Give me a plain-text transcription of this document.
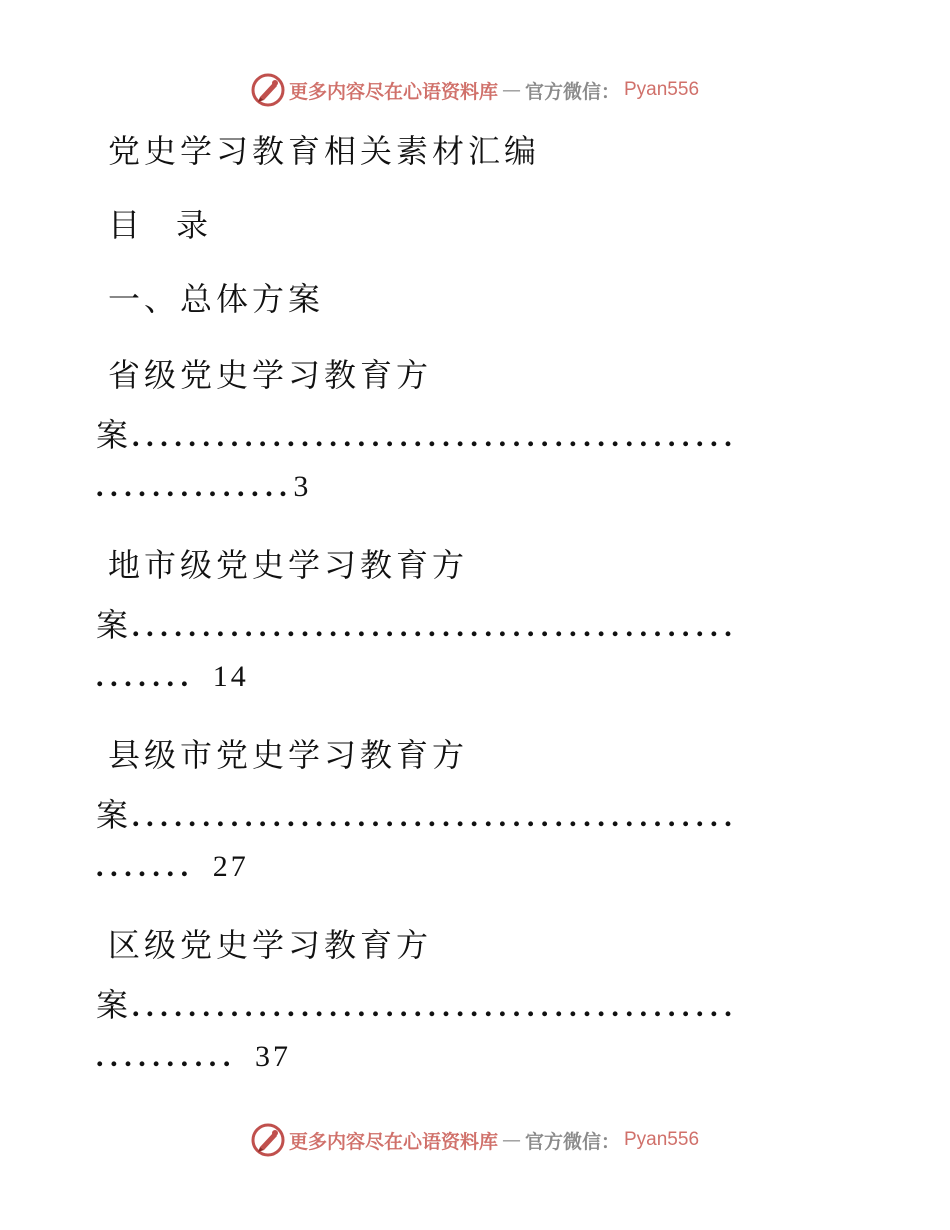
更多内容尽在心语资料库 — 官方微信： Pyan556
党史学习教育相关素材汇编
目　录
一、总体方案
省级党史学习教育方
案...........................................
..............3
地市级党史学习教育方
案...........................................
....... 14
县级市党史学习教育方
案...........................................
....... 27
区级党史学习教育方
案...........................................
.......... 37
更多内容尽在心语资料库 — 官方微信： Pyan556
